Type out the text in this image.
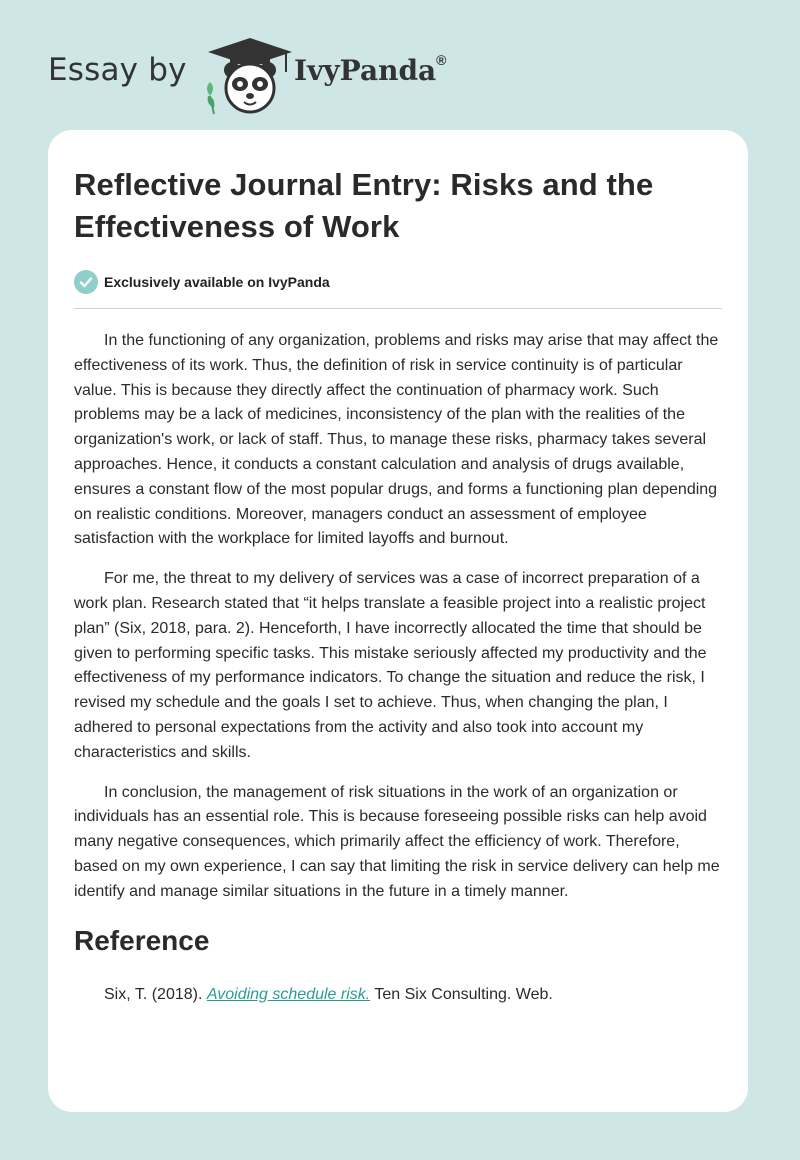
Essay by	IvyPanda®
Reflective Journal Entry: Risks and the Effectiveness of Work
Exclusively available on IvyPanda

In the functioning of any organization, problems and risks may arise that may affect the effectiveness of its work. Thus, the definition of risk in service continuity is of particular value. This is because they directly affect the continuation of pharmacy work. Such problems may be a lack of medicines, inconsistency of the plan with the realities of the organization's work, or lack of staff. Thus, to manage these risks, pharmacy takes several approaches. Hence, it conducts a constant calculation and analysis of drugs available, ensures a constant flow of the most popular drugs, and forms a functioning plan depending on realistic conditions. Moreover, managers conduct an assessment of employee satisfaction with the workplace for limited layoffs and burnout.

For me, the threat to my delivery of services was a case of incorrect preparation of a work plan. Research stated that “it helps translate a feasible project into a realistic project plan” (Six, 2018, para. 2). Henceforth, I have incorrectly allocated the time that should be given to performing specific tasks. This mistake seriously affected my productivity and the effectiveness of my performance indicators. To change the situation and reduce the risk, I revised my schedule and the goals I set to achieve. Thus, when changing the plan, I adhered to personal expectations from the activity and also took into account my characteristics and skills.

In conclusion, the management of risk situations in the work of an organization or individuals has an essential role. This is because foreseeing possible risks can help avoid many negative consequences, which primarily affect the efficiency of work. Therefore, based on my own experience, I can say that limiting the risk in service delivery can help me identify and manage similar situations in the future in a timely manner.

Reference
Six, T. (2018). Avoiding schedule risk. Ten Six Consulting. Web.
